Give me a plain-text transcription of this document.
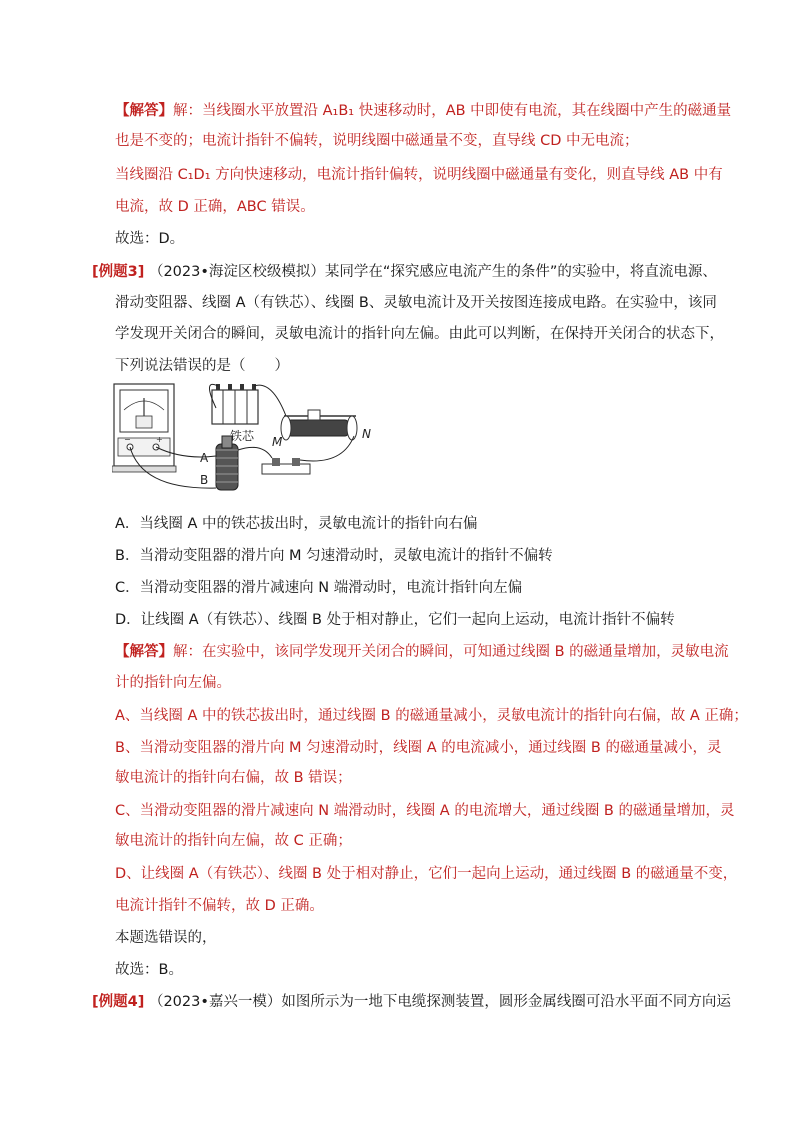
【解答】解：当线圈水平放置沿 A₁B₁ 快速移动时，AB 中即使有电流，其在线圈中产生的磁通量
也是不变的；电流计指针不偏转，说明线圈中磁通量不变，直导线 CD 中无电流；
当线圈沿 C₁D₁ 方向快速移动，电流计指针偏转，说明线圈中磁通量有变化，则直导线 AB 中有
电流，故 D 正确，ABC 错误。
故选：D。
[例题3] （2023•海淀区校级模拟）某同学在“探究感应电流产生的条件”的实验中，将直流电源、
滑动变阻器、线圈 A（有铁芯）、线圈 B、灵敏电流计及开关按图连接成电路。在实验中，该同
学发现开关闭合的瞬间，灵敏电流计的指针向左偏。由此可以判断，在保持开关闭合的状态下，
下列说法错误的是（　　）
−	+	M
N
A
B
铁芯
A．当线圈 A 中的铁芯拔出时，灵敏电流计的指针向右偏
B．当滑动变阻器的滑片向 M 匀速滑动时，灵敏电流计的指针不偏转
C．当滑动变阻器的滑片减速向 N 端滑动时，电流计指针向左偏
D．让线圈 A（有铁芯）、线圈 B 处于相对静止，它们一起向上运动，电流计指针不偏转
【解答】解：在实验中，该同学发现开关闭合的瞬间，可知通过线圈 B 的磁通量增加，灵敏电流
计的指针向左偏。
A、当线圈 A 中的铁芯拔出时，通过线圈 B 的磁通量减小，灵敏电流计的指针向右偏，故 A 正确；
B、当滑动变阻器的滑片向 M 匀速滑动时，线圈 A 的电流减小，通过线圈 B 的磁通量减小，灵
敏电流计的指针向右偏，故 B 错误；
C、当滑动变阻器的滑片减速向 N 端滑动时，线圈 A 的电流增大，通过线圈 B 的磁通量增加，灵
敏电流计的指针向左偏，故 C 正确；
D、让线圈 A（有铁芯）、线圈 B 处于相对静止，它们一起向上运动，通过线圈 B 的磁通量不变，
电流计指针不偏转，故 D 正确。
本题选错误的，
故选：B。
[例题4] （2023•嘉兴一模）如图所示为一地下电缆探测装置，圆形金属线圈可沿水平面不同方向运
